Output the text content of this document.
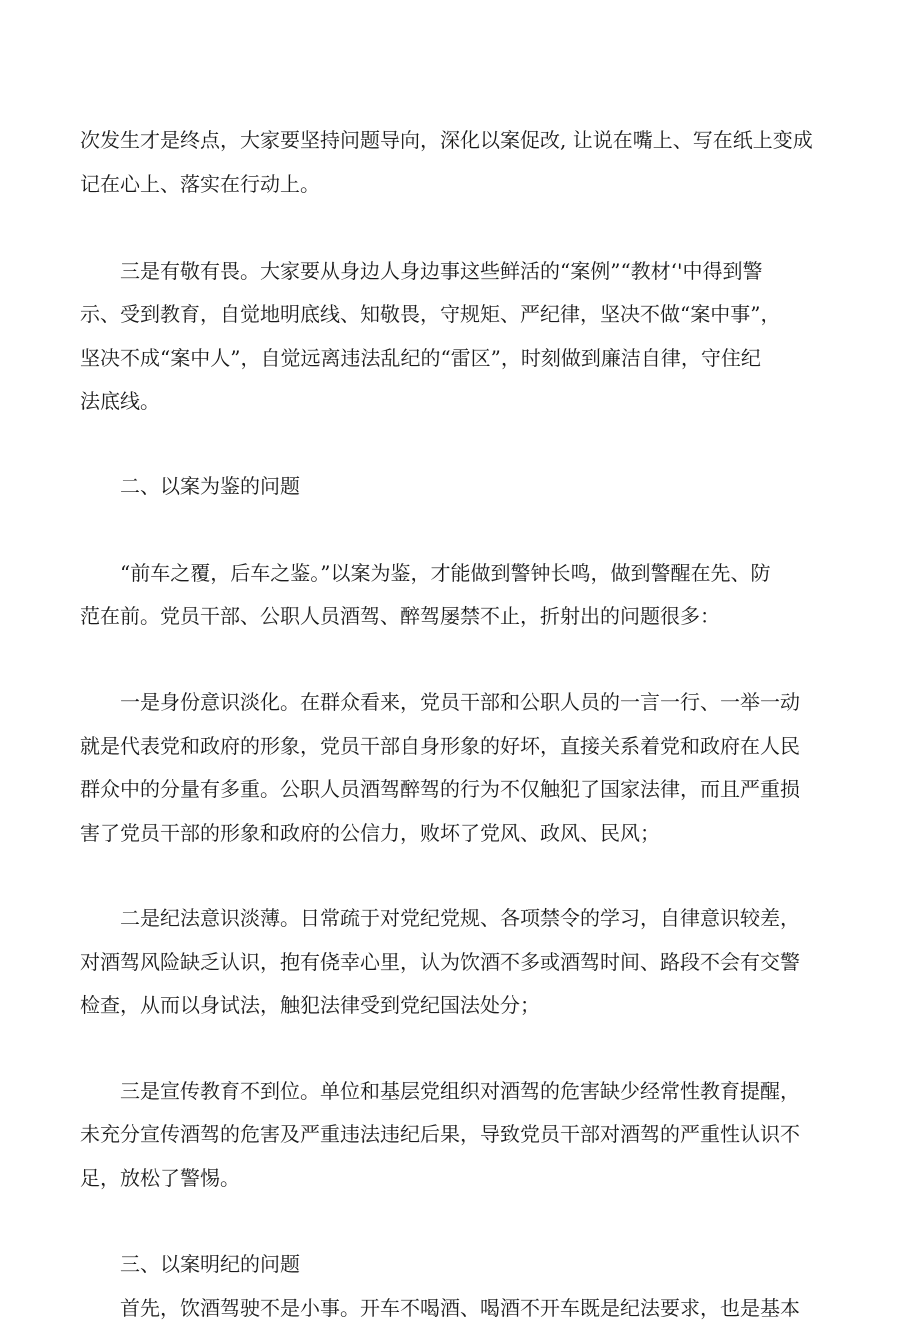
次发生才是终点，大家要坚持问题导向，深化以案促改, 让说在嘴上、写在纸上变成
记在心上、落实在行动上。
三是有敬有畏。大家要从身边人身边事这些鲜活的“案例”“教材‘'中得到警
示、受到教育，自觉地明底线、知敬畏，守规矩、严纪律，坚决不做“案中事”，
坚决不成“案中人”，自觉远离违法乱纪的“雷区”，时刻做到廉洁自律，守住纪
法底线。
二、以案为鉴的问题
“前车之覆，后车之鉴。”以案为鉴，才能做到警钟长鸣，做到警醒在先、防
范在前。党员干部、公职人员酒驾、醉驾屡禁不止，折射出的问题很多：
一是身份意识淡化。在群众看来，党员干部和公职人员的一言一行、一举一动
就是代表党和政府的形象，党员干部自身形象的好坏，直接关系着党和政府在人民
群众中的分量有多重。公职人员酒驾醉驾的行为不仅触犯了国家法律，而且严重损
害了党员干部的形象和政府的公信力，败坏了党风、政风、民风；
二是纪法意识淡薄。日常疏于对党纪党规、各项禁令的学习，自律意识较差，
对酒驾风险缺乏认识，抱有侥幸心里，认为饮酒不多或酒驾时间、路段不会有交警
检查，从而以身试法，触犯法律受到党纪国法处分；
三是宣传教育不到位。单位和基层党组织对酒驾的危害缺少经常性教育提醒，
未充分宣传酒驾的危害及严重违法违纪后果，导致党员干部对酒驾的严重性认识不
足，放松了警惕。
三、以案明纪的问题
首先，饮酒驾驶不是小事。开车不喝酒、喝酒不开车既是纪法要求，也是基本
